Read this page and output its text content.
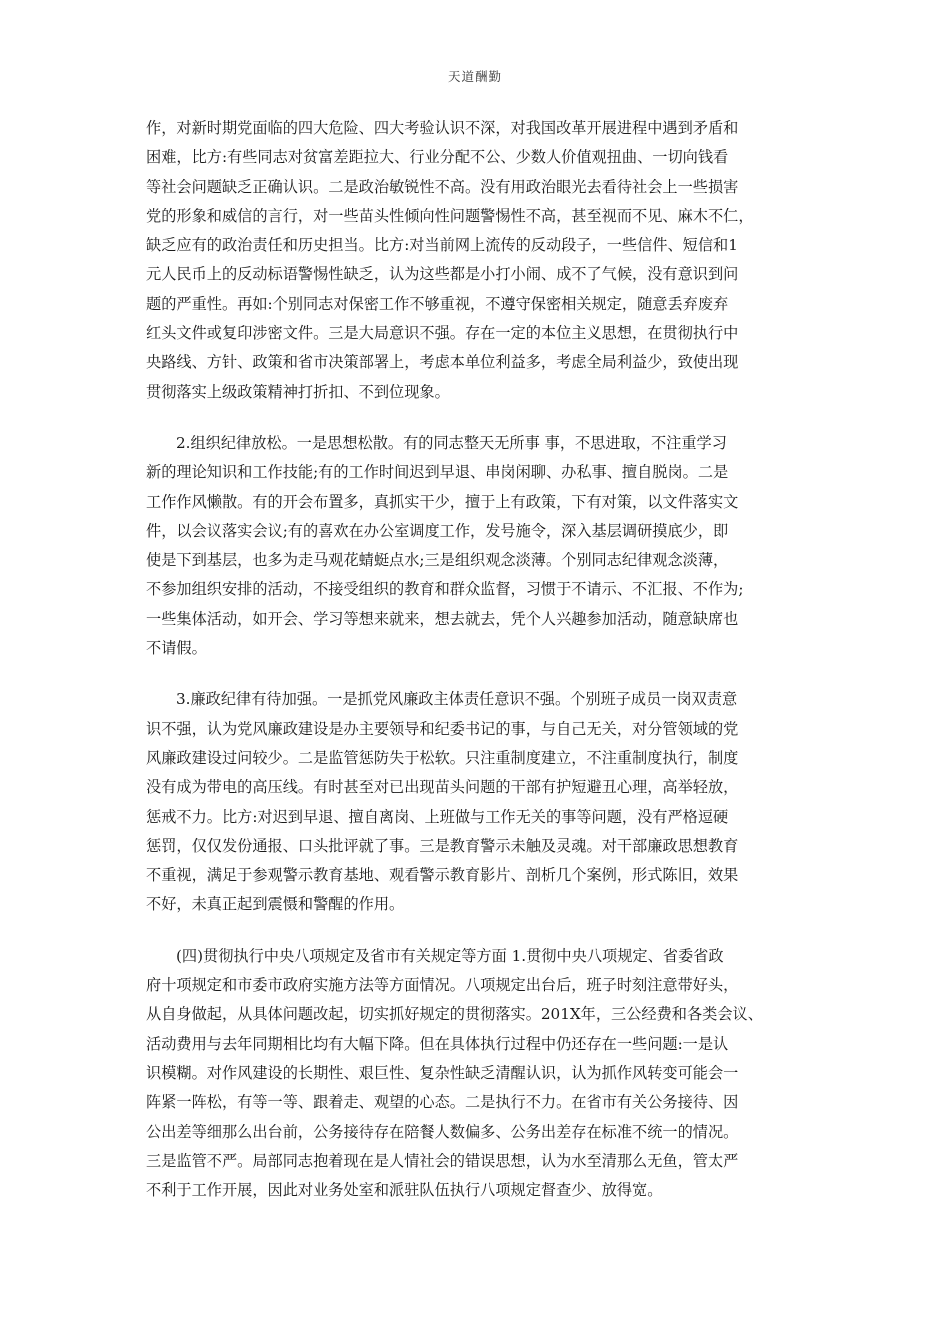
天道酬勤
作，对新时期党面临的四大危险、四大考验认识不深，对我国改革开展进程中遇到矛盾和
困难，比方:有些同志对贫富差距拉大、行业分配不公、少数人价值观扭曲、一切向钱看
等社会问题缺乏正确认识。二是政治敏锐性不高。没有用政治眼光去看待社会上一些损害
党的形象和威信的言行，对一些苗头性倾向性问题警惕性不高，甚至视而不见、麻木不仁，
缺乏应有的政治责任和历史担当。比方:对当前网上流传的反动段子，一些信件、短信和1
元人民币上的反动标语警惕性缺乏，认为这些都是小打小闹、成不了气候，没有意识到问
题的严重性。再如:个别同志对保密工作不够重视，不遵守保密相关规定，随意丢弃废弃
红头文件或复印涉密文件。三是大局意识不强。存在一定的本位主义思想，在贯彻执行中
央路线、方针、政策和省市决策部署上，考虑本单位利益多，考虑全局利益少，致使出现
贯彻落实上级政策精神打折扣、不到位现象。
2.组织纪律放松。一是思想松散。有的同志整天无所事 事，不思进取，不注重学习
新的理论知识和工作技能;有的工作时间迟到早退、串岗闲聊、办私事、擅自脱岗。二是
工作作风懒散。有的开会布置多，真抓实干少，擅于上有政策，下有对策，以文件落实文
件，以会议落实会议;有的喜欢在办公室调度工作，发号施令，深入基层调研摸底少，即
使是下到基层，也多为走马观花蜻蜓点水;三是组织观念淡薄。个别同志纪律观念淡薄，
不参加组织安排的活动，不接受组织的教育和群众监督，习惯于不请示、不汇报、不作为;
一些集体活动，如开会、学习等想来就来，想去就去，凭个人兴趣参加活动，随意缺席也
不请假。
3.廉政纪律有待加强。一是抓党风廉政主体责任意识不强。个别班子成员一岗双责意
识不强，认为党风廉政建设是办主要领导和纪委书记的事，与自己无关，对分管领域的党
风廉政建设过问较少。二是监管惩防失于松软。只注重制度建立，不注重制度执行，制度
没有成为带电的高压线。有时甚至对已出现苗头问题的干部有护短避丑心理，高举轻放，
惩戒不力。比方:对迟到早退、擅自离岗、上班做与工作无关的事等问题，没有严格逗硬
惩罚，仅仅发份通报、口头批评就了事。三是教育警示未触及灵魂。对干部廉政思想教育
不重视，满足于参观警示教育基地、观看警示教育影片、剖析几个案例，形式陈旧，效果
不好，未真正起到震慑和警醒的作用。
(四)贯彻执行中央八项规定及省市有关规定等方面 1.贯彻中央八项规定、省委省政
府十项规定和市委市政府实施方法等方面情况。八项规定出台后，班子时刻注意带好头，
从自身做起，从具体问题改起，切实抓好规定的贯彻落实。201X年，三公经费和各类会议、
活动费用与去年同期相比均有大幅下降。但在具体执行过程中仍还存在一些问题:一是认
识模糊。对作风建设的长期性、艰巨性、复杂性缺乏清醒认识，认为抓作风转变可能会一
阵紧一阵松，有等一等、跟着走、观望的心态。二是执行不力。在省市有关公务接待、因
公出差等细那么出台前，公务接待存在陪餐人数偏多、公务出差存在标准不统一的情况。
三是监管不严。局部同志抱着现在是人情社会的错误思想，认为水至清那么无鱼，管太严
不利于工作开展，因此对业务处室和派驻队伍执行八项规定督查少、放得宽。
